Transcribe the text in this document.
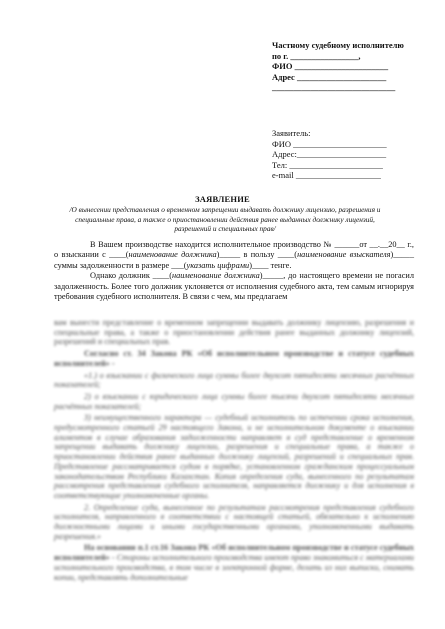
Частному судебному исполнителю
по г. ________________,
ФИО ______________________
Адрес _____________________
_____________________________
Заявитель:
ФИО ______________________
Адрес:_____________________
Тел: ______________________
e-mail ____________________
ЗАЯВЛЕНИЕ
/О вынесении представления о временном запрещении выдавать должнику лицензию, разрешения и специальные права, а также о приостановлении действия ранее выданных должнику лицензий, разрешений и специальных прав/

В Вашем производстве находится исполнительное производство № ______от __.__20__ г., о взыскании с ____(наименование должника)_____ в пользу ____(наименование взыскателя)_____ суммы задолженности в размере ___(указать цифрами)____ тенге.

Однако должник ____(наименование должника)_____, до настоящего времени не погасил задолженность. Более того должник уклоняется от исполнения судебного акта, тем самым игнорируя требования судебного исполнителя. В связи с чем, мы предлагаем

вам вынести представление о временном запрещении выдавать должнику лицензию, разрешения и специальные права, а также о приостановлении действия ранее выданных должнику лицензий, разрешений и специальных прав.

Согласно ст. 34 Закона РК «Об исполнительном производстве и статусе судебных исполнителей» -

«1.) о взыскании с физического лица суммы более двухсот пятидесяти месячных расчётных показателей;

2) о взыскании с юридического лица суммы более тысячи двухсот пятидесяти месячных расчётных показателей;

3) неимущественного характера — судебный исполнитель по истечении срока исполнения, предусмотренного статьей 29 настоящего Закона, и не исполнительном документе о взыскании алиментов в случае образования задолженности направляет в суд представление о временном запрещении выдавать должнику лицензии, разрешения и специальные права, а также о приостановлении действия ранее выданных должнику лицензий, разрешений и специальных прав. Представление рассматривается судом в порядке, установленном гражданским процессуальным законодательством Республики Казахстан. Копия определения суда, вынесенного по результатам рассмотрения представления судебного исполнителя, направляется должнику и для исполнения в соответствующие уполномоченные органы.

2. Определение суда, вынесенное по результатам рассмотрения представления судебного исполнителя, направленного в соответствии с настоящей статьей, обязательно к исполнению должностными лицами и иными государственными органами, уполномоченными выдавать разрешения.»

На основании п.1 ст.16 Закона РК «Об исполнительном производстве и статусе судебных исполнителей» - Стороны исполнительного производства имеют право знакомиться с материалами исполнительного производства, в том числе в электронной форме, делать из них выписки, снимать копии, представлять дополнительные
